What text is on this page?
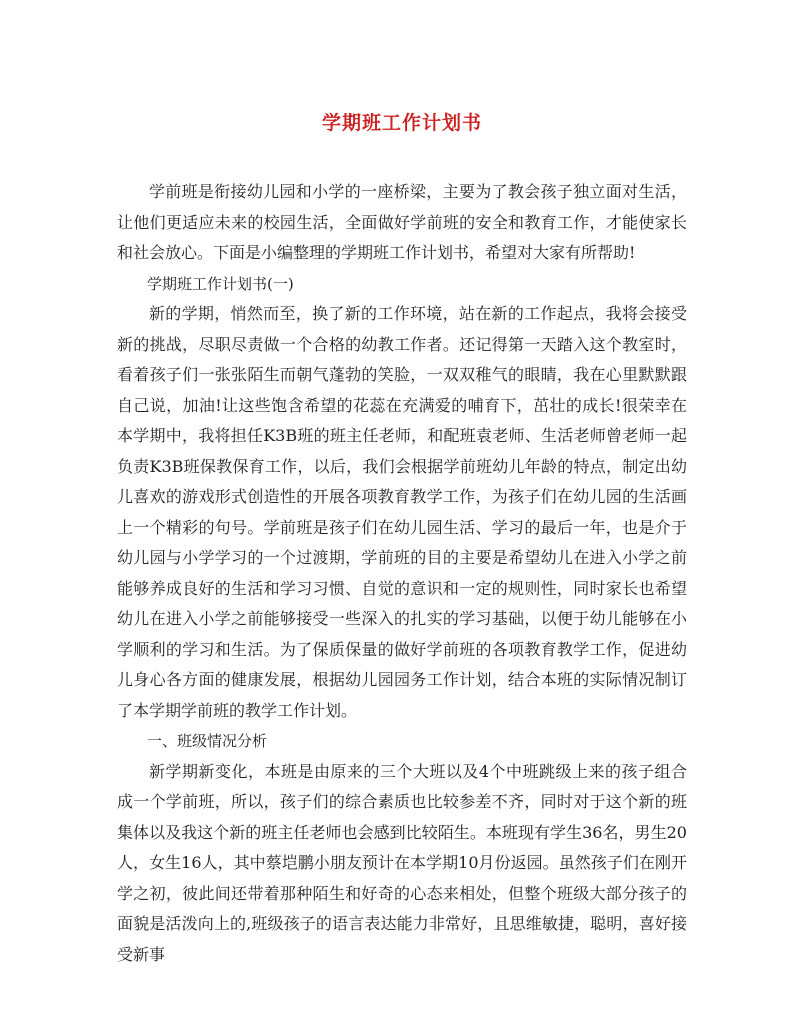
学期班工作计划书

学前班是衔接幼儿园和小学的一座桥梁，主要为了教会孩子独立面对生活，让他们更适应未来的校园生活，全面做好学前班的安全和教育工作，才能使家长和社会放心。下面是小编整理的学期班工作计划书，希望对大家有所帮助!

学期班工作计划书(一)

新的学期，悄然而至，换了新的工作环境，站在新的工作起点，我将会接受新的挑战，尽职尽责做一个合格的幼教工作者。还记得第一天踏入这个教室时，看着孩子们一张张陌生而朝气蓬勃的笑脸，一双双稚气的眼睛，我在心里默默跟自己说，加油!让这些饱含希望的花蕊在充满爱的哺育下，茁壮的成长!很荣幸在本学期中，我将担任K3B班的班主任老师，和配班袁老师、生活老师曾老师一起负责K3B班保教保育工作，以后，我们会根据学前班幼儿年龄的特点，制定出幼儿喜欢的游戏形式创造性的开展各项教育教学工作，为孩子们在幼儿园的生活画上一个精彩的句号。学前班是孩子们在幼儿园生活、学习的最后一年，也是介于幼儿园与小学学习的一个过渡期，学前班的目的主要是希望幼儿在进入小学之前能够养成良好的生活和学习习惯、自觉的意识和一定的规则性，同时家长也希望幼儿在进入小学之前能够接受一些深入的扎实的学习基础，以便于幼儿能够在小学顺利的学习和生活。为了保质保量的做好学前班的各项教育教学工作，促进幼儿身心各方面的健康发展，根据幼儿园园务工作计划，结合本班的实际情况制订了本学期学前班的教学工作计划。

一、班级情况分析

新学期新变化，本班是由原来的三个大班以及4个中班跳级上来的孩子组合成一个学前班，所以，孩子们的综合素质也比较参差不齐，同时对于这个新的班集体以及我这个新的班主任老师也会感到比较陌生。本班现有学生36名，男生20人，女生16人，其中蔡垲鹏小朋友预计在本学期10月份返园。虽然孩子们在刚开学之初，彼此间还带着那种陌生和好奇的心态来相处，但整个班级大部分孩子的面貌是活泼向上的,班级孩子的语言表达能力非常好，且思维敏捷，聪明，喜好接受新事
